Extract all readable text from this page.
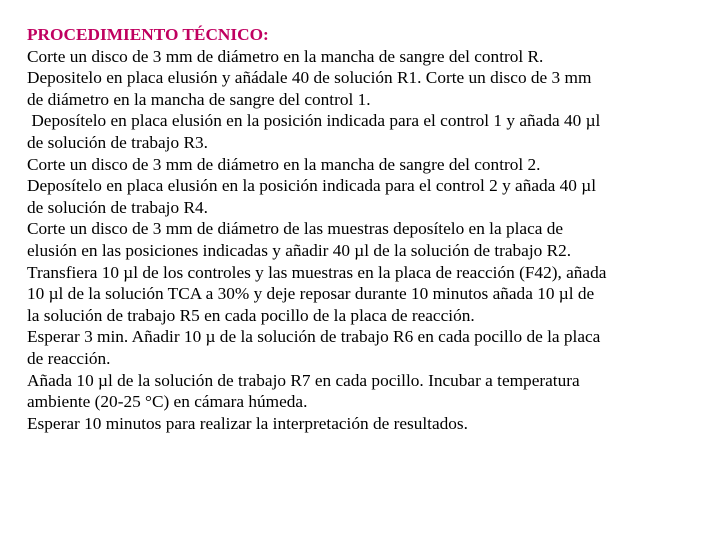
PROCEDIMIENTO TÉCNICO:
Corte un disco de 3 mm de diámetro en la mancha de sangre del control R.
Depositelo en placa elusión y añádale 40 de solución R1. Corte un disco de 3 mm
de diámetro en la mancha de sangre del control 1.
Deposítelo en placa elusión en la posición indicada para el control 1 y añada 40 µl
de solución de trabajo R3.
Corte un disco de 3 mm de diámetro en la mancha de sangre del control 2.
Deposítelo en placa elusión en la posición indicada para el control 2 y añada 40 µl
de solución de trabajo R4.
Corte un disco de 3 mm de diámetro de las muestras deposítelo en la placa de
elusión en las posiciones indicadas y añadir 40 µl de la solución de trabajo R2.
Transfiera 10 µl de los controles y las muestras en la placa de reacción (F42), añada
10 µl de la solución TCA a 30% y deje reposar durante 10 minutos añada 10 µl de
la solución de trabajo R5 en cada pocillo de la placa de reacción.
Esperar 3 min. Añadir 10 µ de la solución de trabajo R6 en cada pocillo de la placa
de reacción.
Añada 10 µl de la solución de trabajo R7 en cada pocillo. Incubar a temperatura
ambiente (20-25 °C) en cámara húmeda.
Esperar 10 minutos para realizar la interpretación de resultados.
